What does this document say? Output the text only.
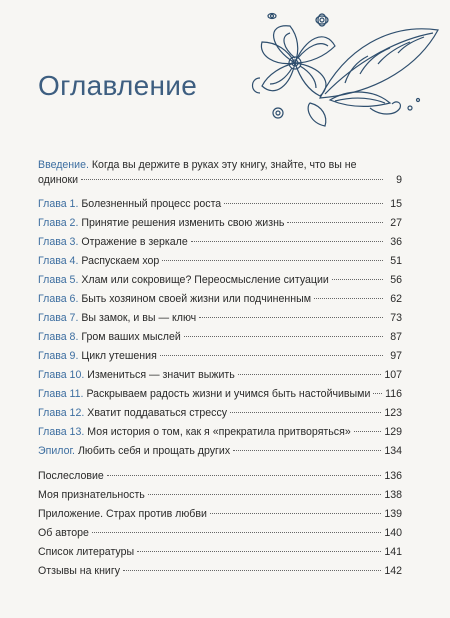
Оглавление
Введение. Когда вы держите в руках эту книгу, знайте, что вы не
одиноки	9
Глава 1. Болезненный процесс роста	15
Глава 2. Принятие решения изменить свою жизнь	27
Глава 3. Отражение в зеркале	36
Глава 4. Распускаем хор	51
Глава 5. Хлам или сокровище? Переосмысление ситуации	56
Глава 6. Быть хозяином своей жизни или подчиненным	62
Глава 7. Вы замок, и вы — ключ	73
Глава 8. Гром ваших мыслей	87
Глава 9. Цикл утешения	97
Глава 10. Измениться — значит выжить	107
Глава 11. Раскрываем радость жизни и учимся быть настойчивыми 116
Глава 12. Хватит поддаваться стрессу	123
Глава 13. Моя история о том, как я «прекратила притворяться»	129
Эпилог. Любить себя и прощать других	134
Послесловие	136
Моя признательность	138
Приложение. Страх против любви	139
Об авторе	140
Список литературы	141
Отзывы на книгу	142
